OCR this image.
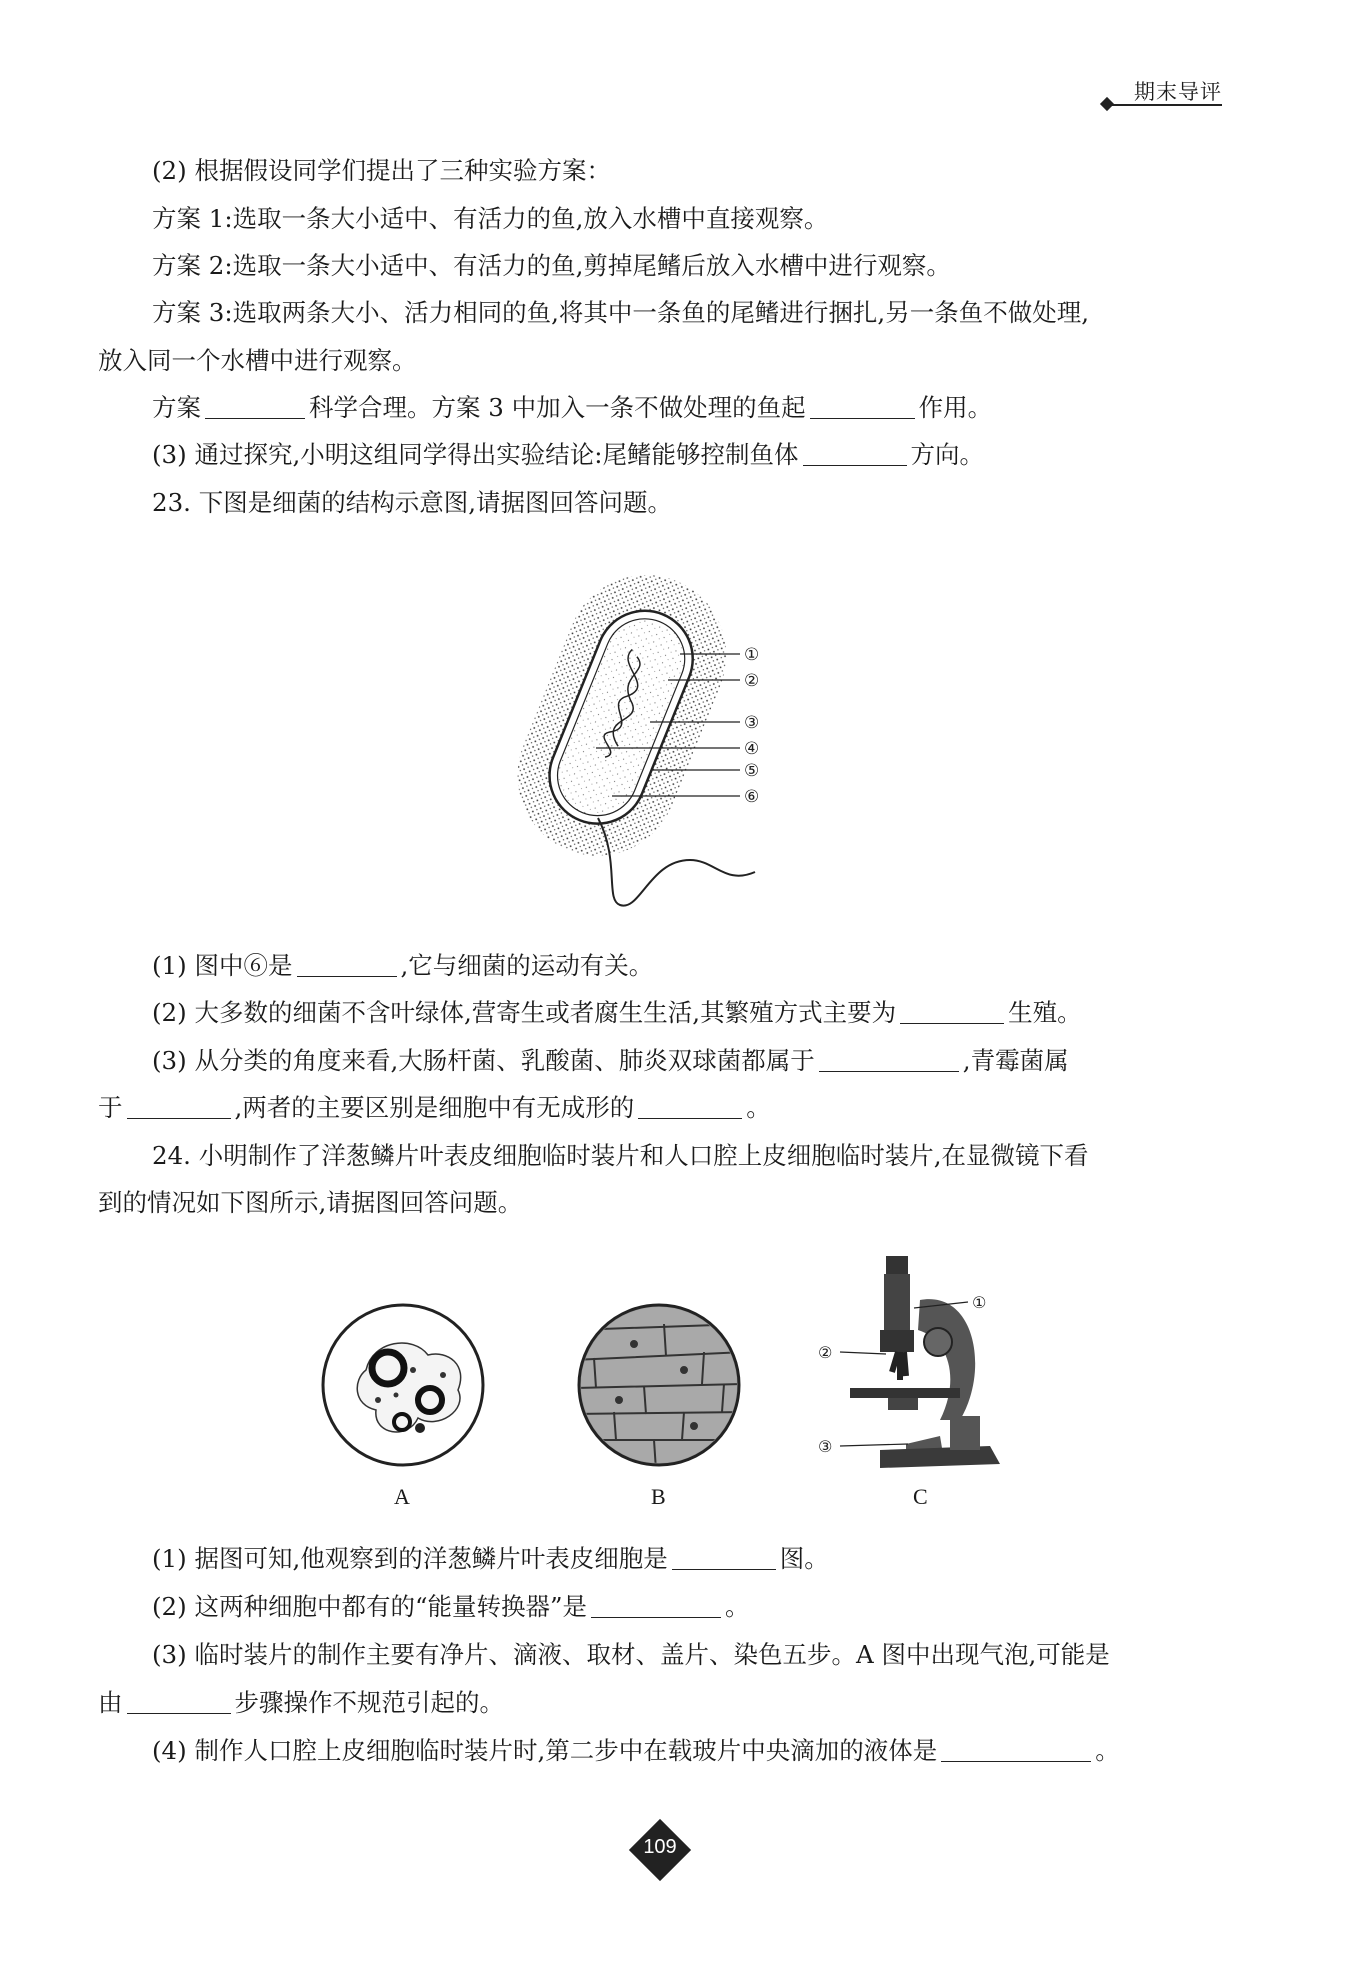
期末导评
(2) 根据假设同学们提出了三种实验方案：
方案 1:选取一条大小适中、有活力的鱼,放入水槽中直接观察。
方案 2:选取一条大小适中、有活力的鱼,剪掉尾鳍后放入水槽中进行观察。
方案 3:选取两条大小、活力相同的鱼,将其中一条鱼的尾鳍进行捆扎,另一条鱼不做处理,
放入同一个水槽中进行观察。
方案	科学合理。方案 3 中加入一条不做处理的鱼起	作用。
(3) 通过探究,小明这组同学得出实验结论:尾鳍能够控制鱼体	方向。
23. 下图是细菌的结构示意图,请据图回答问题。
①
②
③
④
⑤
⑥
(1) 图中⑥是	,它与细菌的运动有关。
(2) 大多数的细菌不含叶绿体,营寄生或者腐生生活,其繁殖方式主要为	生殖。
(3) 从分类的角度来看,大肠杆菌、乳酸菌、肺炎双球菌都属于	,青霉菌属
于	,两者的主要区别是细胞中有无成形的	。
24. 小明制作了洋葱鳞片叶表皮细胞临时装片和人口腔上皮细胞临时装片,在显微镜下看
到的情况如下图所示,请据图回答问题。
A	B
①
②
③
C
(1) 据图可知,他观察到的洋葱鳞片叶表皮细胞是	图。
(2) 这两种细胞中都有的“能量转换器”是	。
(3) 临时装片的制作主要有净片、滴液、取材、盖片、染色五步。A 图中出现气泡,可能是
由	步骤操作不规范引起的。
(4) 制作人口腔上皮细胞临时装片时,第二步中在载玻片中央滴加的液体是	。
109
